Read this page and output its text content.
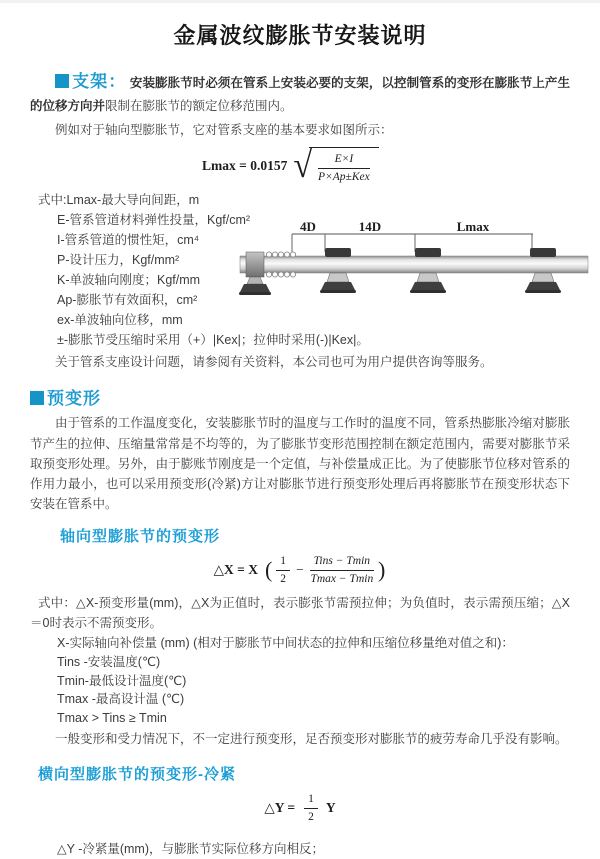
金属波纹膨胀节安装说明

支架： 安装膨胀节时必须在管系上安装必要的支架，以控制管系的变形在膨胀节上产生的位移方向并限制在膨胀节的额定位移范围内。

例如对于轴向型膨胀节，它对管系支座的基本要求如图所示：

Lmax = 0.0157 √ $\frac{E\times I}{\text{P×Ap±Kex}}$
式中:Lmax-最大导向间距，m
E-管系管道材料弹性投量，Kgf/cm²
I-管系管道的惯性矩，cm⁴
P-设计压力，Kgf/mm²
K-单波轴向刚度；Kgf/mm
Ap-膨胀节有效面积，cm²
ex-单波轴向位移，mm
±-膨胀节受压缩时采用（+）|Kex|；拉伸时采用(-)|Kex|。
4D	14D	Lmax

关于管系支座设计问题，请参阅有关资料，本公司也可为用户提供咨询等服务。

预变形

由于管系的工作温度变化，安装膨胀节时的温度与工作时的温度不同，管系热膨胀冷缩对膨胀节产生的拉伸、压缩量常常是不均等的，为了膨胀节变形范围控制在额定范围内，需要对膨胀节采取预变形处理。另外，由于膨账节刚度是一个定值，与补偿量成正比。为了使膨胀节位移对管系的作用力最小，也可以采用预变形(冷紧)方让对膨胀节进行预变形处理后再将膨胀节在预变形状态下安装在管系中。

轴向型膨胀节的预变形
△X = X ( $\frac{1}{2} - \frac{\text{Tins − Tmin}}{Tmax - Tmin}$ )

式中：△X-预变形量(mm)，△X为正值时，表示膨张节需预拉伸；为负值时，表示需预压缩；△X＝0时表示不需预变形。

X-实际轴向补偿量 (mm) (相对于膨胀节中间状态的拉伸和压缩位移量绝对值之和)：
Tins -安装温度(℃)
Tmin-最低设计温度(℃)
Tmax -最高设计温 (℃)
Tmax > Tins ≥ Tmin

一般变形和受力情况下，不一定进行预变形，足否预变形对膨胀节的疲劳寿命几乎没有影响。

横向型膨胀节的预变形-冷紧
△Y = $\frac{1}{2}$ Y
△Y -冷紧量(mm)，与膨胀节实际位移方向相反；
